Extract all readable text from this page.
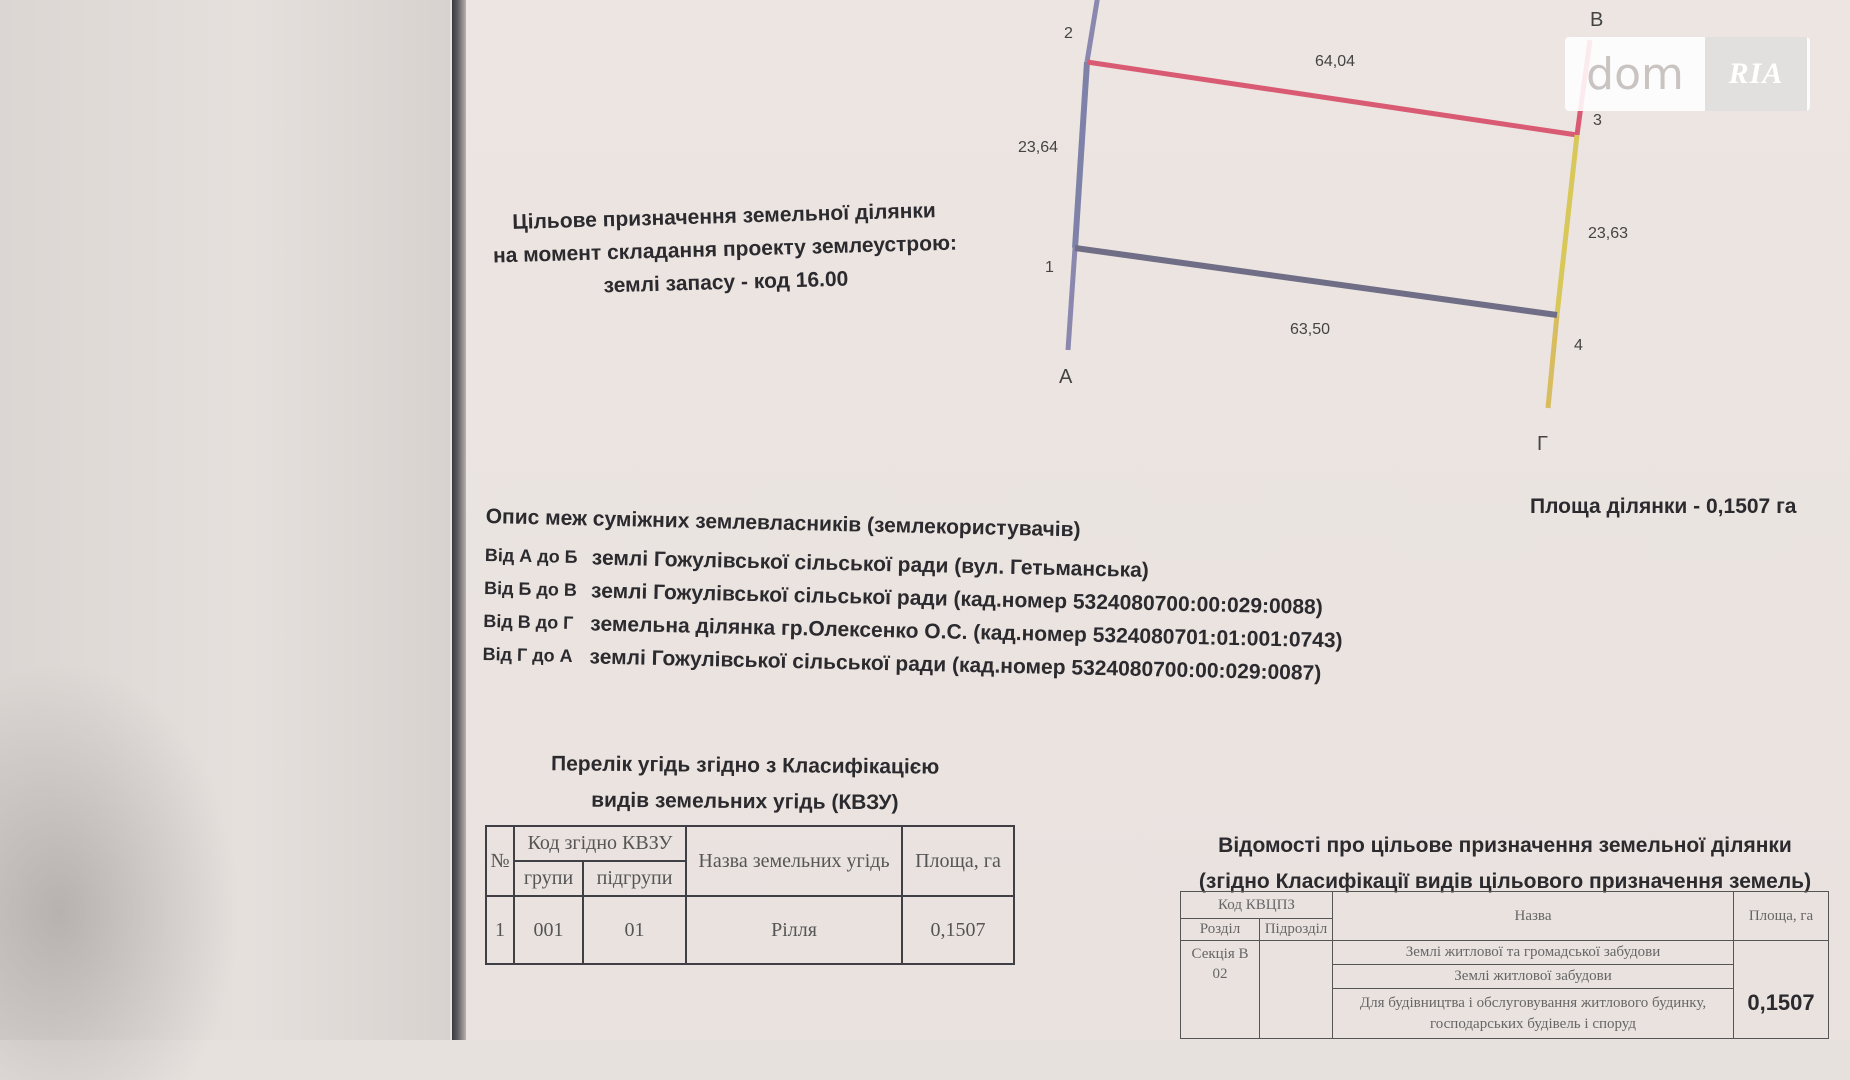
Цільове призначення земельної ділянки
на момент складання проекту землеустрою:
землі запасу - код 16.00
2
1
3
4
А
В
Г
23,64
64,04
23,63
63,50
Площа ділянки - 0,1507 га
Опис меж суміжних землевласників (землекористувачів)
Від А до Б землі Гожулівської сільської ради (вул. Гетьманська)
Від Б до В землі Гожулівської сільської ради (кад.номер 5324080700:00:029:0088)
Від В до Г земельна ділянка гр.Олексенко О.С. (кад.номер 5324080701:01:001:0743)
Від Г до А землі Гожулівської сільської ради (кад.номер 5324080700:00:029:0087)
Перелік угідь згідно з Класифікацією
видів земельних угідь (КВЗУ)
№	Код згідно КВЗУ		Назва земельних угідь	Площа, га
	групи	підгрупи		
1	001	01	Рілля	0,1507
Відомості про цільове призначення земельної ділянки
(згідно Класифікації видів цільового призначення земель)
Код КВЦПЗ		Назва	Площа, га
Розділ	Підрозділ		

Секція В
02		Землі житлової та громадської забудови	0,1507
		Землі житлової забудови	
		Для будівництва і обслуговування житлового будинку, господарських будівель і споруд	
dom	RIA
